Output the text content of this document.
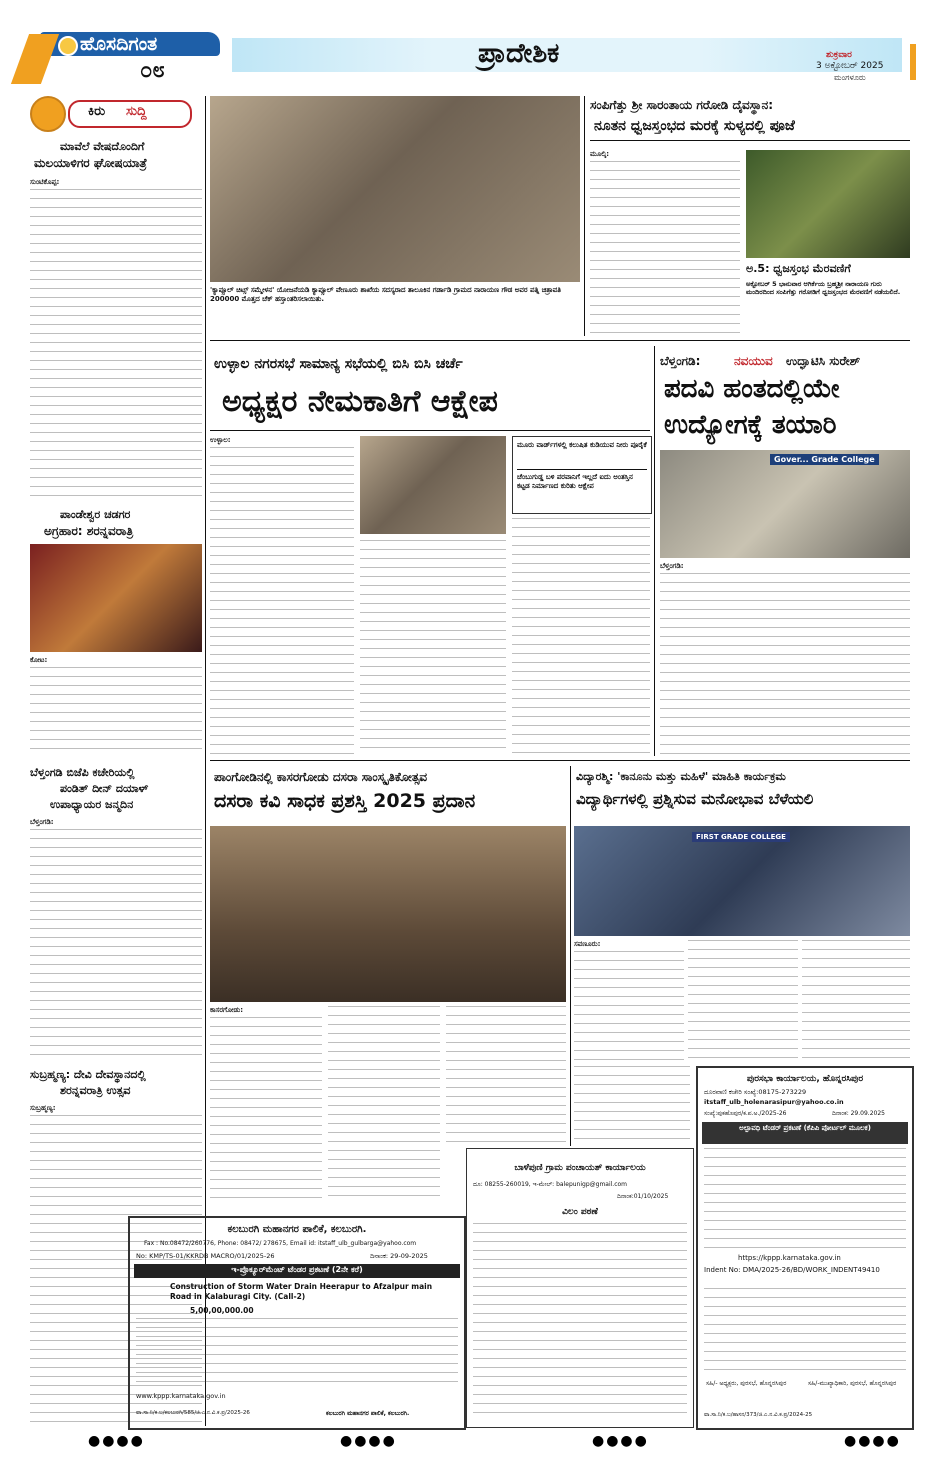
ಹೊಸದಿಗಂತ
೦೮
ಪ್ರಾದೇಶಿಕ	ಶುಕ್ರವಾರ
3 ಅಕ್ಟೋಬರ್ 2025
ಮಂಗಳೂರು
ಕಿರು ಸುದ್ದಿ
ಮಾವೆಲೆ ವೇಷದೊಂದಿಗೆ
ಮಲಯಾಳಿಗರ ಘೋಷಯಾತ್ರೆ
ಸುಂಟಿಕೊಪ್ಪ:
ಪಾಂಡೇಶ್ವರ ಚಡಗರ
ಅಗ್ರಹಾರ: ಶರನ್ನವರಾತ್ರಿ
ಕೋಟ:
ಬೆಳ್ತಂಗಡಿ ಬಿಜೆಪಿ ಕಚೇರಿಯಲ್ಲಿ
ಪಂಡಿತ್ ದೀನ್ ದಯಾಳ್
ಉಪಾಧ್ಯಾಯರ ಜನ್ಮದಿನ
ಬೆಳ್ತಂಗಡಿ:
ಸುಬ್ರಹ್ಮಣ್ಯ: ದೇವಿ ದೇವಸ್ಥಾನದಲ್ಲಿ
ಶರನ್ನವರಾತ್ರಿ ಉತ್ಸವ
ಸುಬ್ರಹ್ಮಣ್ಯ:
'ಕ್ಯಾಪ್ಸೂಲ್ ಚಿಟ್ಸ್ ಸಮ್ಮೇಳನ' ಯೋಜನೆಯಡಿ ಕ್ಯಾಪ್ಸೂಲ್ ವೇಣೂರು ಶಾಖೆಯ ಸದಸ್ಯರಾದ ತಾಲೂಕಿನ ಗರ್ಡಾಡಿ ಗ್ರಾಮದ ನಾರಾಯಣ ಗೌಡ ಅವರ ಪತ್ನಿ ಚಿತ್ರಾವತಿ 200000 ಮೊತ್ತದ ಚೆಕ್ ಹಸ್ತಾಂತರಿಸಲಾಯಿತು.
ಸಂಪಿಗೆತ್ತು ಶ್ರೀ ಸಾರಂತಾಯ ಗರೋಡಿ ದೈವಸ್ಥಾನ:
ನೂತನ ಧ್ವಜಸ್ತಂಭದ ಮರಕ್ಕೆ ಸುಳ್ಯದಲ್ಲಿ ಪೂಜೆ
ಮೂಲ್ಕಿ:
ಅ.5: ಧ್ವಜಸ್ತಂಭ ಮೆರವಣಿಗೆ
ಅಕ್ಟೋಬರ್ 5 ಭಾನುವಾರ ಆಗಿರ್ಕೆಯ ಬ್ರಹ್ಮಶ್ರೀ ನಾರಾಯಣ ಗುರು ಮಂದಿರದಿಂದ ಸಂಪಿಗೆತ್ತು ಗರೋಡಿಗೆ ಧ್ವಜಸ್ತಂಭದ ಮೆರವಣಿಗೆ ನಡೆಯಲಿದೆ.
ಉಳ್ಳಾಲ ನಗರಸಭೆ ಸಾಮಾನ್ಯ ಸಭೆಯಲ್ಲಿ ಬಿಸಿ ಬಿಸಿ ಚರ್ಚೆ
ಅಧ್ಯಕ್ಷರ ನೇಮಕಾತಿಗೆ ಆಕ್ಷೇಪ
ಉಳ್ಳಾಲ:
ಮೂರು ವಾರ್ಡ್‌ಗಳಲ್ಲಿ ಕಲುಷಿತ ಕುಡಿಯುವ ನೀರು ಪೂರೈಕೆ
ಚೆಂಬುಗುಡ್ಡ ಬಳಿ ಪರವಾನಿಗೆ ಇಲ್ಲದೆ ಐದು ಅಂತಸ್ತಿನ ಕಟ್ಟಡ ನಿರ್ಮಾಣದ ಕುರಿತು ಆಕ್ಷೇಪ
ಬೆಳ್ತಂಗಡಿ:	ನವಯುವ ಉದ್ಘಾಟಿಸಿ ಸುರೇಶ್
ಪದವಿ ಹಂತದಲ್ಲಿಯೇ
ಉದ್ಯೋಗಕ್ಕೆ ತಯಾರಿ
Gover... Grade College
ಬೆಳ್ತಂಗಡಿ:
ಪಾಂಗೋಡಿನಲ್ಲಿ ಕಾಸರಗೋಡು ದಸರಾ ಸಾಂಸ್ಕೃತಿಕೋತ್ಸವ
ದಸರಾ ಕವಿ ಸಾಧಕ ಪ್ರಶಸ್ತಿ 2025 ಪ್ರದಾನ
ಕಾಸರಗೋಡು:
ಬಾಳೆಪುಣಿ ಗ್ರಾಮ ಪಂಚಾಯತ್ ಕಾರ್ಯಾಲಯ
ದೂ: 08255-260019, ಇ-ಮೇಲ್: balepunigp@gmail.com
ದಿನಾಂಕ:01/10/2025
ವಿಲಂ ಪಠಣೆ
ವಿದ್ಯಾರಶ್ಮಿ: 'ಕಾನೂನು ಮತ್ತು ಮಹಿಳೆ' ಮಾಹಿತಿ ಕಾರ್ಯಕ್ರಮ
ವಿದ್ಯಾರ್ಥಿಗಳಲ್ಲಿ ಪ್ರಶ್ನಿಸುವ ಮನೋಭಾವ ಬೆಳೆಯಲಿ
FIRST GRADE COLLEGE
ಸವಣೂರು:
ಪುರಸಭಾ ಕಾರ್ಯಾಲಯ, ಹೊನ್ನರಸಿಪುರ
ದೂರವಾಣಿ ಕಚೇರಿ ಸಂಖ್ಯೆ:08175-273229
itstaff_ulb_holenarasipur@yahoo.co.in
ಸಂಖ್ಯೆ:ಪುಕಹೊಪುರ/ಕ.ಪ.ಅ./2025-26	ದಿನಾಂಕ: 29.09.2025
ಅಲ್ಪಾವಧಿ ಟೆಂಡರ್ ಪ್ರಕಟಣೆ (ಕೆಪಿಪಿ ಪೋರ್ಟಲ್ ಮೂಲಕ)
https://kppp.karnataka.gov.in
Indent No: DMA/2025-26/BD/WORK_INDENT49410
ಸಹಿ/- ಅಧ್ಯಕ್ಷರು, ಪುರಸಭೆ, ಹೊನ್ನರಸಿಪುರ	ಸಹಿ/-ಮುಖ್ಯಾಧಿಕಾರಿ, ಪುರಸಭೆ, ಹೊನ್ನರಸಿಪುರ
ವಾ.ಸಾ.ನಿ/ಕ.ಬ/ಹಾಸನ/373/ಜಿ.ಎ.ನ.ವಿ.ಕ.ಪ್ರ/2024-25
ಕಲಬುರಗಿ ಮಹಾನಗರ ಪಾಲಿಕೆ, ಕಲಬುರಗಿ.
Fax : No.08472/260776, Phone: 08472/ 278675, Email id: itstaff_ulb_gulbarga@yahoo.com
No: KMP/TS-01/KKRDB MACRO/01/2025-26	ದಿನಾಂಕ: 29-09-2025
ಇ-ಪ್ರೊಕ್ಯೂರ್‌ಮೆಂಟ್ ಟೆಂಡರ ಪ್ರಕಟಣೆ (2ನೇ ಕರೆ)
Construction of Storm Water Drain Heerapur to Afzalpur main Road in Kalaburagi City. (Call-2)
5,00,00,000.00
www.kppp.karnataka.gov.in
ವಾ.ಸಾ.ನಿ/ಕ.ಬ/ಕಲಬುರಗಿ/585/ಜಿ.ಎ.ನ.ವಿ.ಕ.ಪ್ರ/2025-26	ಕಲಬುರಗಿ ಮಹಾನಗರ ಪಾಲಿಕೆ, ಕಲಬುರಗಿ.
●●●●	●●●●	●●●●	●●●●
